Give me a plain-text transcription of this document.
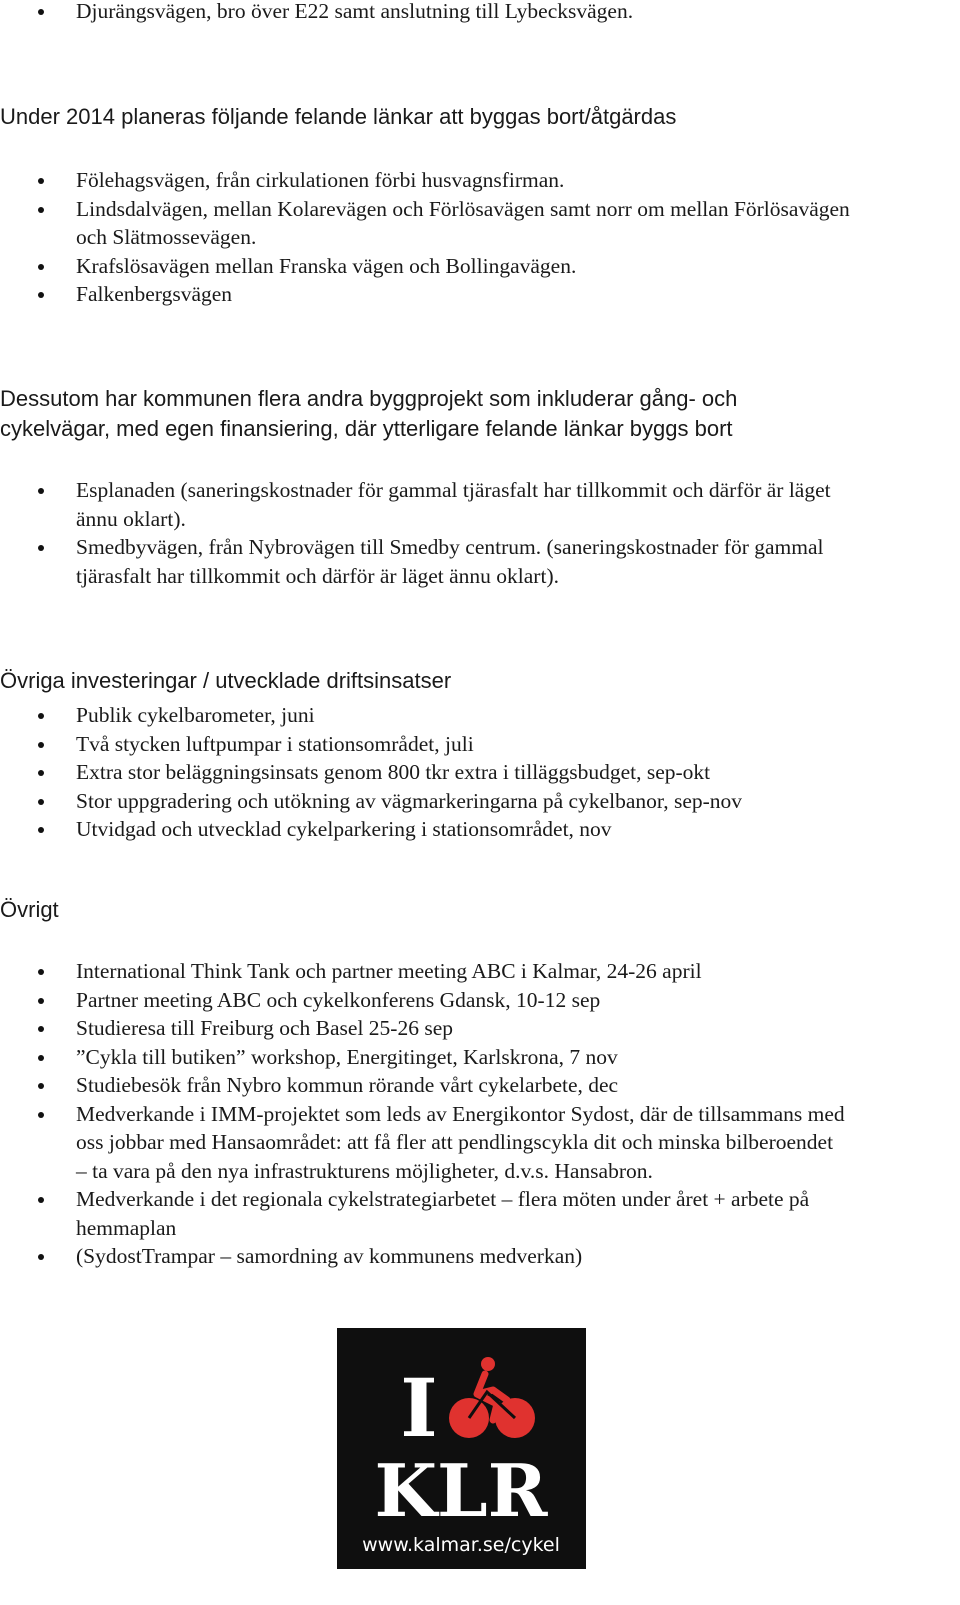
Djurängsvägen, bro över E22 samt anslutning till Lybecksvägen.
Under 2014 planeras följande felande länkar att byggas bort/åtgärdas
Fölehagsvägen, från cirkulationen förbi husvagnsfirman.
Lindsdalvägen, mellan Kolarevägen och Förlösavägen samt norr om mellan Förlösavägen
och Slätmossevägen.
Krafslösavägen mellan Franska vägen och Bollingavägen.
Falkenbergsvägen
Dessutom har kommunen flera andra byggprojekt som inkluderar gång- och
cykelvägar, med egen finansiering, där ytterligare felande länkar byggs bort
Esplanaden (saneringskostnader för gammal tjärasfalt har tillkommit och därför är läget
ännu oklart).
Smedbyvägen, från Nybrovägen till Smedby centrum. (saneringskostnader för gammal
tjärasfalt har tillkommit och därför är läget ännu oklart).
Övriga investeringar / utvecklade driftsinsatser
Publik cykelbarometer, juni
Två stycken luftpumpar i stationsområdet, juli
Extra stor beläggningsinsats genom 800 tkr extra i tilläggsbudget, sep-okt
Stor uppgradering och utökning av vägmarkeringarna på cykelbanor, sep-nov
Utvidgad och utvecklad cykelparkering i stationsområdet, nov
Övrigt
International Think Tank och partner meeting ABC i Kalmar, 24-26 april
Partner meeting ABC och cykelkonferens Gdansk, 10-12 sep
Studieresa till Freiburg och Basel 25-26 sep
”Cykla till butiken” workshop, Energitinget, Karlskrona, 7 nov
Studiebesök från Nybro kommun rörande vårt cykelarbete, dec
Medverkande i IMM-projektet som leds av Energikontor Sydost, där de tillsammans med
oss jobbar med Hansaområdet: att få fler att pendlingscykla dit och minska bilberoendet
– ta vara på den nya infrastrukturens möjligheter, d.v.s. Hansabron.
Medverkande i det regionala cykelstrategiarbetet – flera möten under året + arbete på
hemmaplan
(SydostTrampar – samordning av kommunens medverkan)
I
KLR
www.kalmar.se/cykel
